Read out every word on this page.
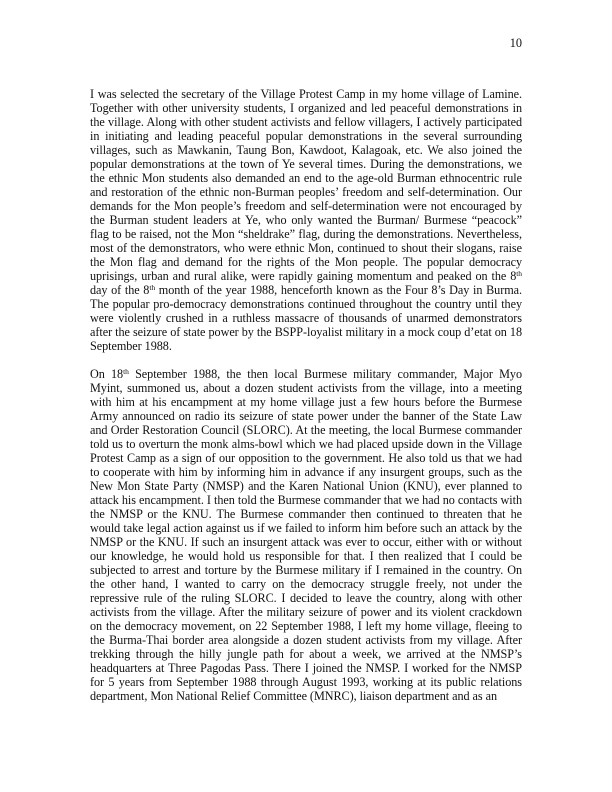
10

I was selected the secretary of the Village Protest Camp in my home village of Lamine. Together with other university students, I organized and led peaceful demonstrations in the village. Along with other student activists and fellow villagers, I actively participated in initiating and leading peaceful popular demonstrations in the several surrounding villages, such as Mawkanin, Taung Bon, Kawdoot, Kalagoak, etc. We also joined the popular demonstrations at the town of Ye several times. During the demonstrations, we the ethnic Mon students also demanded an end to the age-old Burman ethnocentric rule and restoration of the ethnic non-Burman peoples’ freedom and self-determination. Our demands for the Mon people’s freedom and self-determination were not encouraged by the Burman student leaders at Ye, who only wanted the Burman/ Burmese “peacock” flag to be raised, not the Mon “sheldrake” flag, during the demonstrations. Nevertheless, most of the demonstrators, who were ethnic Mon, continued to shout their slogans, raise the Mon flag and demand for the rights of the Mon people. The popular democracy uprisings, urban and rural alike, were rapidly gaining momentum and peaked on the 8th day of the 8th month of the year 1988, henceforth known as the Four 8’s Day in Burma. The popular pro-democracy demonstrations continued throughout the country until they were violently crushed in a ruthless massacre of thousands of unarmed demonstrators after the seizure of state power by the BSPP-loyalist military in a mock coup d’etat on 18 September 1988.

On 18th September 1988, the then local Burmese military commander, Major Myo Myint, summoned us, about a dozen student activists from the village, into a meeting with him at his encampment at my home village just a few hours before the Burmese Army announced on radio its seizure of state power under the banner of the State Law and Order Restoration Council (SLORC). At the meeting, the local Burmese commander told us to overturn the monk alms-bowl which we had placed upside down in the Village Protest Camp as a sign of our opposition to the government. He also told us that we had to cooperate with him by informing him in advance if any insurgent groups, such as the New Mon State Party (NMSP) and the Karen National Union (KNU), ever planned to attack his encampment. I then told the Burmese commander that we had no contacts with the NMSP or the KNU. The Burmese commander then continued to threaten that he would take legal action against us if we failed to inform him before such an attack by the NMSP or the KNU. If such an insurgent attack was ever to occur, either with or without our knowledge, he would hold us responsible for that. I then realized that I could be subjected to arrest and torture by the Burmese military if I remained in the country. On the other hand, I wanted to carry on the democracy struggle freely, not under the repressive rule of the ruling SLORC. I decided to leave the country, along with other activists from the village. After the military seizure of power and its violent crackdown on the democracy movement, on 22 September 1988, I left my home village, fleeing to the Burma-Thai border area alongside a dozen student activists from my village. After trekking through the hilly jungle path for about a week, we arrived at the NMSP’s headquarters at Three Pagodas Pass. There I joined the NMSP. I worked for the NMSP for 5 years from September 1988 through August 1993, working at its public relations department, Mon National Relief Committee (MNRC), liaison department and as an
